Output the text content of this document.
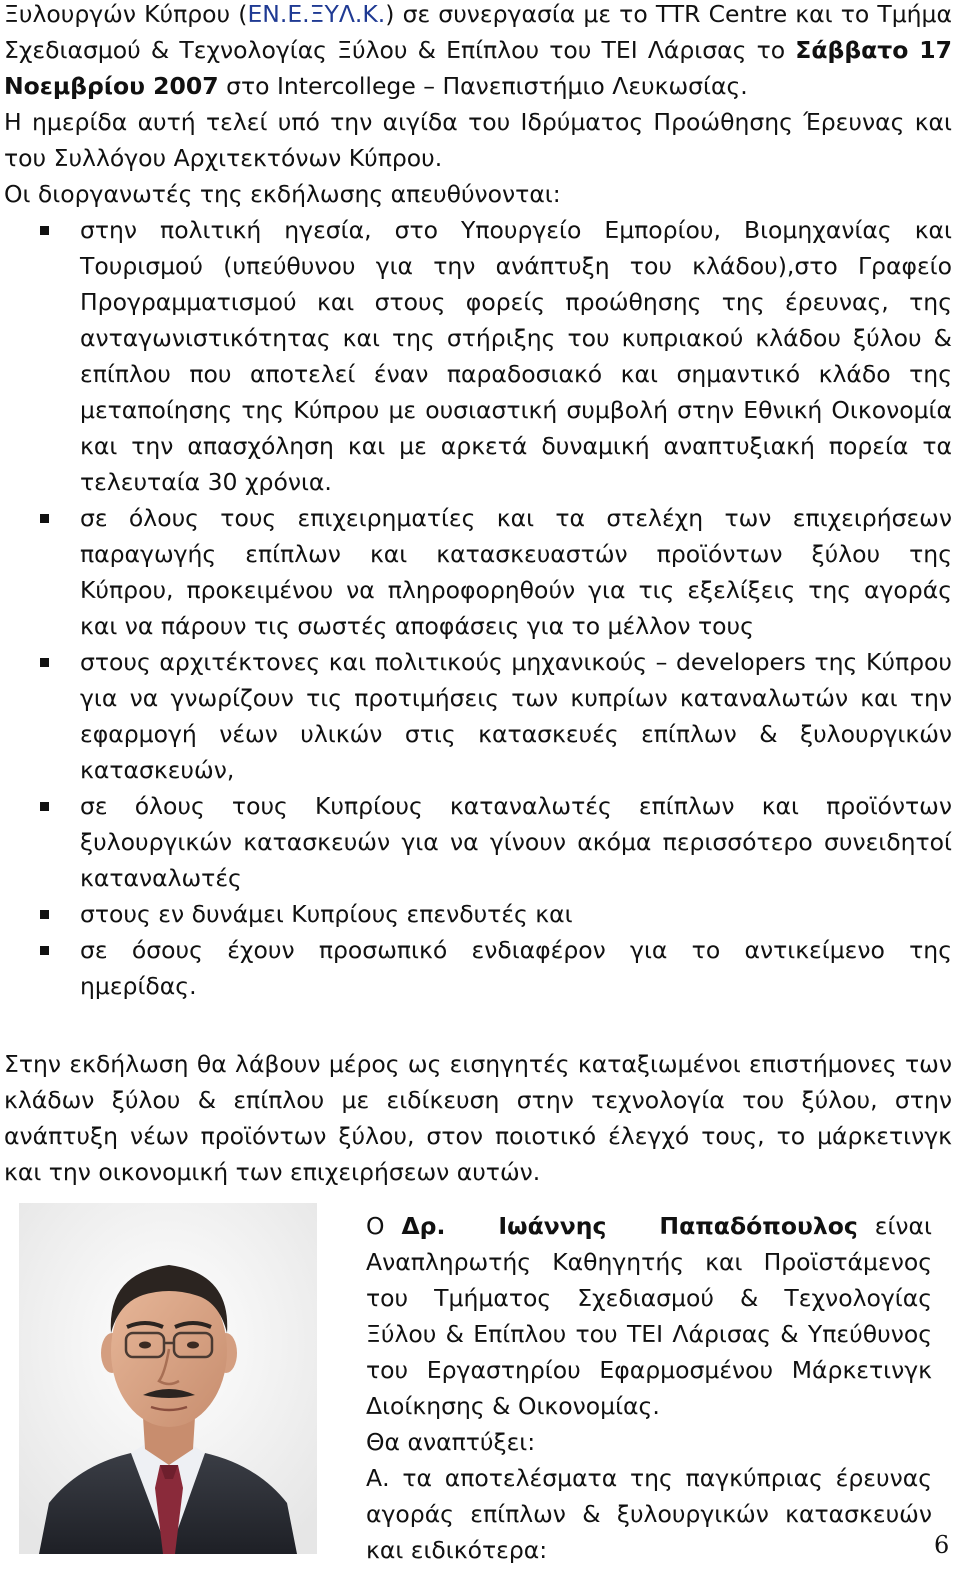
Ξυλουργών Κύπρου (ΕΝ.Ε.ΞΥΛ.Κ.) σε συνεργασία με το TTR Centre και το Τμήμα
Σχεδιασμού & Τεχνολογίας Ξύλου & Επίπλου του ΤΕΙ Λάρισας το Σάββατο 17
Νοεμβρίου 2007 στο Intercollege – Πανεπιστήμιο Λευκωσίας.
Η ημερίδα αυτή τελεί υπό την αιγίδα του Ιδρύματος Προώθησης Έρευνας και
του Συλλόγου Αρχιτεκτόνων Κύπρου.
Οι διοργανωτές της εκδήλωσης απευθύνονται:
στην πολιτική ηγεσία, στο Υπουργείο Εμπορίου, Βιομηχανίας και
Τουρισμού (υπεύθυνου για την ανάπτυξη του κλάδου),στο Γραφείο
Προγραμματισμού και στους φορείς προώθησης της έρευνας, της
ανταγωνιστικότητας και της στήριξης του κυπριακού κλάδου ξύλου &
επίπλου που αποτελεί έναν παραδοσιακό και σημαντικό κλάδο της
μεταποίησης της Κύπρου με ουσιαστική συμβολή στην Εθνική Οικονομία
και την απασχόληση και με αρκετά δυναμική αναπτυξιακή πορεία τα
τελευταία 30 χρόνια.
σε όλους τους επιχειρηματίες και τα στελέχη των επιχειρήσεων
παραγωγής επίπλων και κατασκευαστών προϊόντων ξύλου της
Κύπρου, προκειμένου να πληροφορηθούν για τις εξελίξεις της αγοράς
και να πάρουν τις σωστές αποφάσεις για το μέλλον τους
στους αρχιτέκτονες και πολιτικούς μηχανικούς – developers της Κύπρου
για να γνωρίζουν τις προτιμήσεις των κυπρίων καταναλωτών και την
εφαρμογή νέων υλικών στις κατασκευές επίπλων & ξυλουργικών
κατασκευών,
σε όλους τους Κυπρίους καταναλωτές επίπλων και προϊόντων
ξυλουργικών κατασκευών για να γίνουν ακόμα περισσότερο συνειδητοί
καταναλωτές
στους εν δυνάμει Κυπρίους επενδυτές και
σε όσους έχουν προσωπικό ενδιαφέρον για το αντικείμενο της
ημερίδας.
Στην εκδήλωση θα λάβουν μέρος ως εισηγητές καταξιωμένοι επιστήμονες των
κλάδων ξύλου & επίπλου με ειδίκευση στην τεχνολογία του ξύλου, στην
ανάπτυξη νέων προϊόντων ξύλου, στον ποιοτικό έλεγχό τους, το μάρκετινγκ
και την οικονομική των επιχειρήσεων αυτών.
Ο Δρ.   Ιωάννης   Παπαδόπουλος είναι
Αναπληρωτής Καθηγητής και Προϊστάμενος
του Τμήματος Σχεδιασμού & Τεχνολογίας
Ξύλου & Επίπλου του ΤΕΙ Λάρισας & Υπεύθυνος
του Εργαστηρίου Εφαρμοσμένου Μάρκετινγκ
Διοίκησης & Οικονομίας.
Θα αναπτύξει:
Α. τα αποτελέσματα της παγκύπριας έρευνας
αγοράς επίπλων & ξυλουργικών κατασκευών
και ειδικότερα:	6
